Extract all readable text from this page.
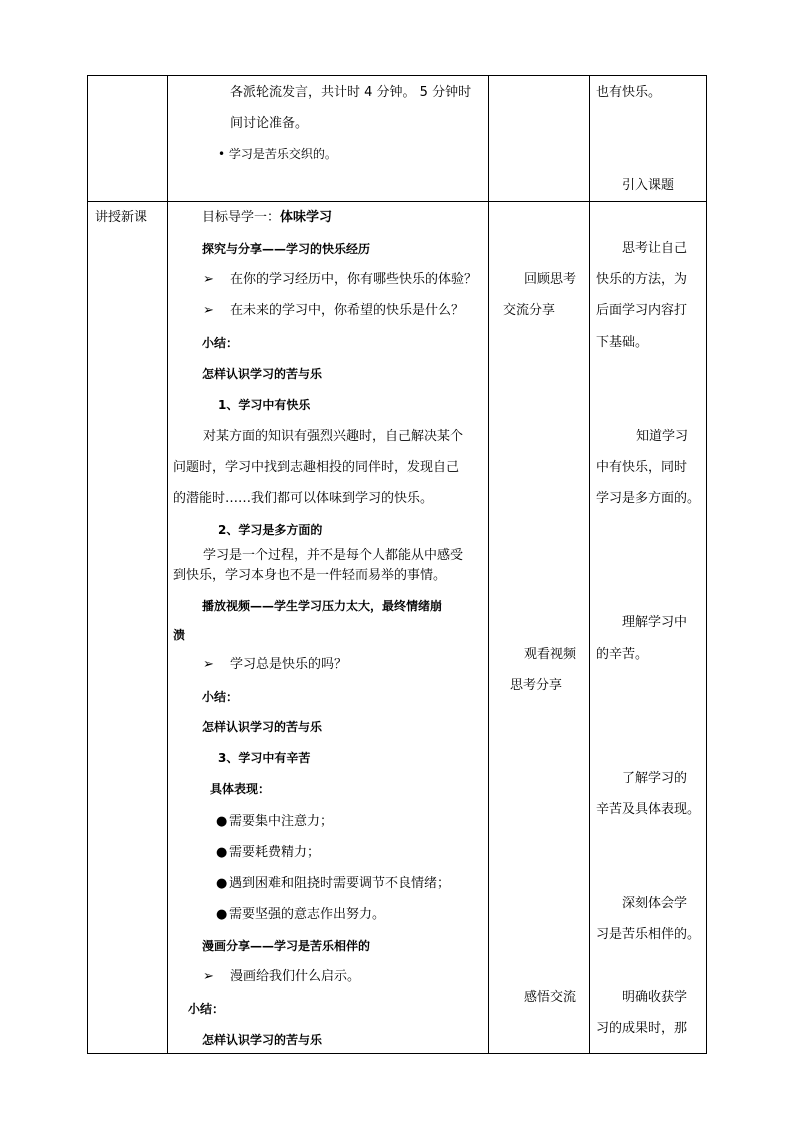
各派轮流发言，共计时 4 分钟。 5 分钟时
间讨论准备。
• 学习是苦乐交织的。
也有快乐。
引入课题
讲授新课	目标导学一：体味学习
探究与分享——学习的快乐经历
➢ 在你的学习经历中，你有哪些快乐的体验？
➢ 在未来的学习中，你希望的快乐是什么？
小结：
怎样认识学习的苦与乐
1、学习中有快乐
对某方面的知识有强烈兴趣时，自己解决某个
问题时，学习中找到志趣相投的同伴时，发现自己
的潜能时……我们都可以体味到学习的快乐。
2、学习是多方面的
学习是一个过程，并不是每个人都能从中感受
到快乐，学习本身也不是一件轻而易举的事情。
播放视频——学生学习压力太大，最终情绪崩
溃
➢ 学习总是快乐的吗？
小结：
怎样认识学习的苦与乐
3、学习中有辛苦
具体表现：
● 需要集中注意力；
● 需要耗费精力；
● 遇到困难和阻挠时需要调节不良情绪；
● 需要坚强的意志作出努力。
漫画分享——学习是苦乐相伴的
➢ 漫画给我们什么启示。
小结：
怎样认识学习的苦与乐
回顾思考
交流分享
观看视频
思考分享
感悟交流
思考让自己
快乐的方法，为
后面学习内容打
下基础。
知道学习
中有快乐，同时
学习是多方面的。
理解学习中
的辛苦。
了解学习的
辛苦及具体表现。
深刻体会学
习是苦乐相伴的。
明确收获学
习的成果时，那
